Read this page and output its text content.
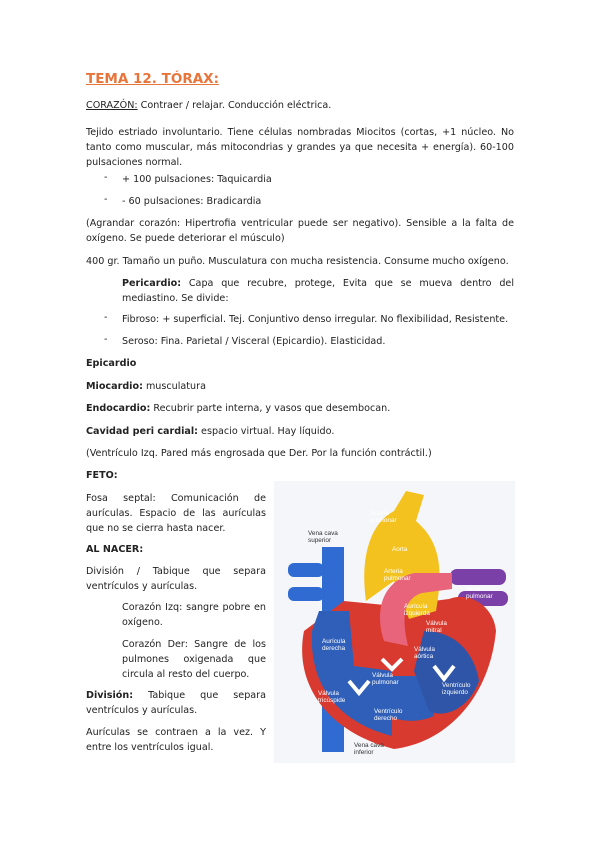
TEMA 12. TÓRAX:

CORAZÓN: Contraer / relajar. Conducción eléctrica.

Tejido estriado involuntario. Tiene células nombradas Miocitos (cortas, +1 núcleo. No tanto como muscular, más mitocondrias y grandes ya que necesita + energía). 60-100 pulsaciones normal.

- + 100 pulsaciones: Taquicardia

- - 60 pulsaciones: Bradicardia

(Agrandar corazón: Hipertrofia ventricular puede ser negativo). Sensible a la falta de oxígeno. Se puede deteriorar el músculo)

400 gr. Tamaño un puño. Musculatura con mucha resistencia. Consume mucho oxígeno.

Pericardio: Capa que recubre, protege, Evita que se mueva dentro del mediastino. Se divide:

- Fibroso: + superficial. Tej. Conjuntivo denso irregular. No flexibilidad, Resistente.

- Seroso: Fina. Parietal / Visceral (Epicardio). Elasticidad.

Epicardio

Miocardio: musculatura

Endocardio: Recubrir parte interna, y vasos que desembocan.

Cavidad peri cardial: espacio virtual. Hay líquido.

(Ventrículo Izq. Pared más engrosada que Der. Por la función contráctil.)

FETO:

Fosa septal: Comunicación de aurículas. Espacio de las aurículas que no se cierra hasta nacer.

AL NACER:

División / Tabique que separa ventrículos y aurículas.

Corazón Izq: sangre pobre en oxígeno.

Corazón Der: Sangre de los pulmones oxigenada que circula al resto del cuerpo.

División: Tabique que separa ventrículos y aurículas.

Aurículas se contraen a la vez. Y entre los ventrículos igual.

Vena cava
superior
Arteria
pulmonar
Aorta
Arteria
pulmonar
Vena
pulmonar
Aurícula
izquierda
Válvula
mitral
Aurícula
derecha	Válvula
aórtica
Válvula
pulmonar
Válvula
tricúspide
Ventrículo
izquierdo
Ventrículo
derecho
Vena cava
inferior
